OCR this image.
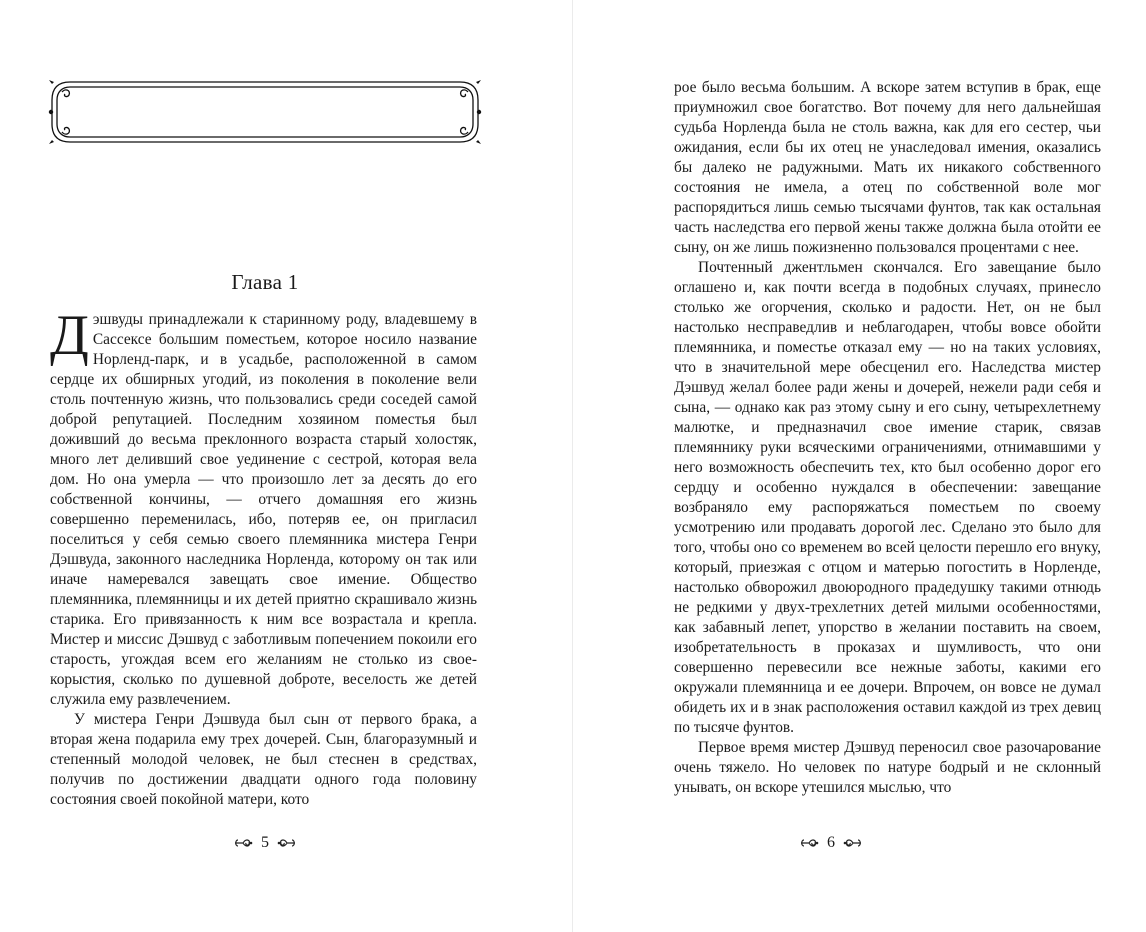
Глава 1

Дэшвуды принадлежали к старинному роду, владевшему в Сассексе большим поместьем, которое носило название Норленд-парк, и в усадьбе, расположенной в самом сердце их обширных угодий, из поколения в поколение вели столь почтенную жизнь, что пользовались среди соседей самой доброй репутацией. Последним хозяином поместья был доживший до весьма преклонного возраста старый холостяк, много лет деливший свое уединение с сестрой, которая вела дом. Но она умерла — что произошло лет за десять до его собственной кончины, — отчего домашняя его жизнь совершенно переменилась, ибо, потеряв ее, он пригласил поселиться у себя семью своего племянника мистера Генри Дэшвуда, законного наследника Норленда, которому он так или иначе намеревался завещать свое имение. Общество племянника, племянницы и их детей приятно скрашивало жизнь старика. Его привязанность к ним все возрастала и крепла. Мистер и миссис Дэшвуд с заботливым попечением покоили его старость, угождая всем его желаниям не столько из своекорыстия, сколько по душевной доброте, веселость же детей служила ему развлечением.

У мистера Генри Дэшвуда был сын от первого брака, а вторая жена подарила ему трех дочерей. Сын, благоразумный и степенный молодой человек, не был стеснен в средствах, получив по достижении двадцати одного года половину состояния своей покойной матери, кото

5

рое было весьма большим. А вскоре затем вступив в брак, еще приумножил свое богатство. Вот почему для него дальнейшая судьба Норленда была не столь важна, как для его сестер, чьи ожидания, если бы их отец не унаследовал имения, оказались бы далеко не радужными. Мать их никакого собственного состояния не имела, а отец по собственной воле мог распорядиться лишь семью тысячами фунтов, так как остальная часть наследства его первой жены также должна была отойти ее сыну, он же лишь пожизненно пользовался процентами с нее.

Почтенный джентльмен скончался. Его завещание было оглашено и, как почти всегда в подобных случаях, принесло столько же огорчения, сколько и радости. Нет, он не был настолько несправедлив и неблагодарен, чтобы вовсе обойти племянника, и поместье отказал ему — но на таких условиях, что в значительной мере обесценил его. Наследства мистер Дэшвуд желал более ради жены и дочерей, нежели ради себя и сына, — однако как раз этому сыну и его сыну, четырехлетнему малютке, и предназначил свое имение старик, связав племяннику руки всяческими ограничениями, отнимавшими у него возможность обеспечить тех, кто был особенно дорог его сердцу и особенно нуждался в обеспечении: завещание возбраняло ему распоряжаться поместьем по своему усмотрению или продавать дорогой лес. Сделано это было для того, чтобы оно со временем во всей целости перешло его внуку, который, приезжая с отцом и матерью погостить в Норленде, настолько обворожил двоюродного прадедушку такими отнюдь не редкими у двух-трехлетних детей милыми особенностями, как забавный лепет, упорство в желании поставить на своем, изобретательность в проказах и шумливость, что они совершенно перевесили все нежные заботы, какими его окружали племянница и ее дочери. Впрочем, он вовсе не думал обидеть их и в знак расположения оставил каждой из трех девиц по тысяче фунтов.

Первое время мистер Дэшвуд переносил свое разочарование очень тяжело. Но человек по натуре бодрый и не склонный унывать, он вскоре утешился мыслью, что

6
